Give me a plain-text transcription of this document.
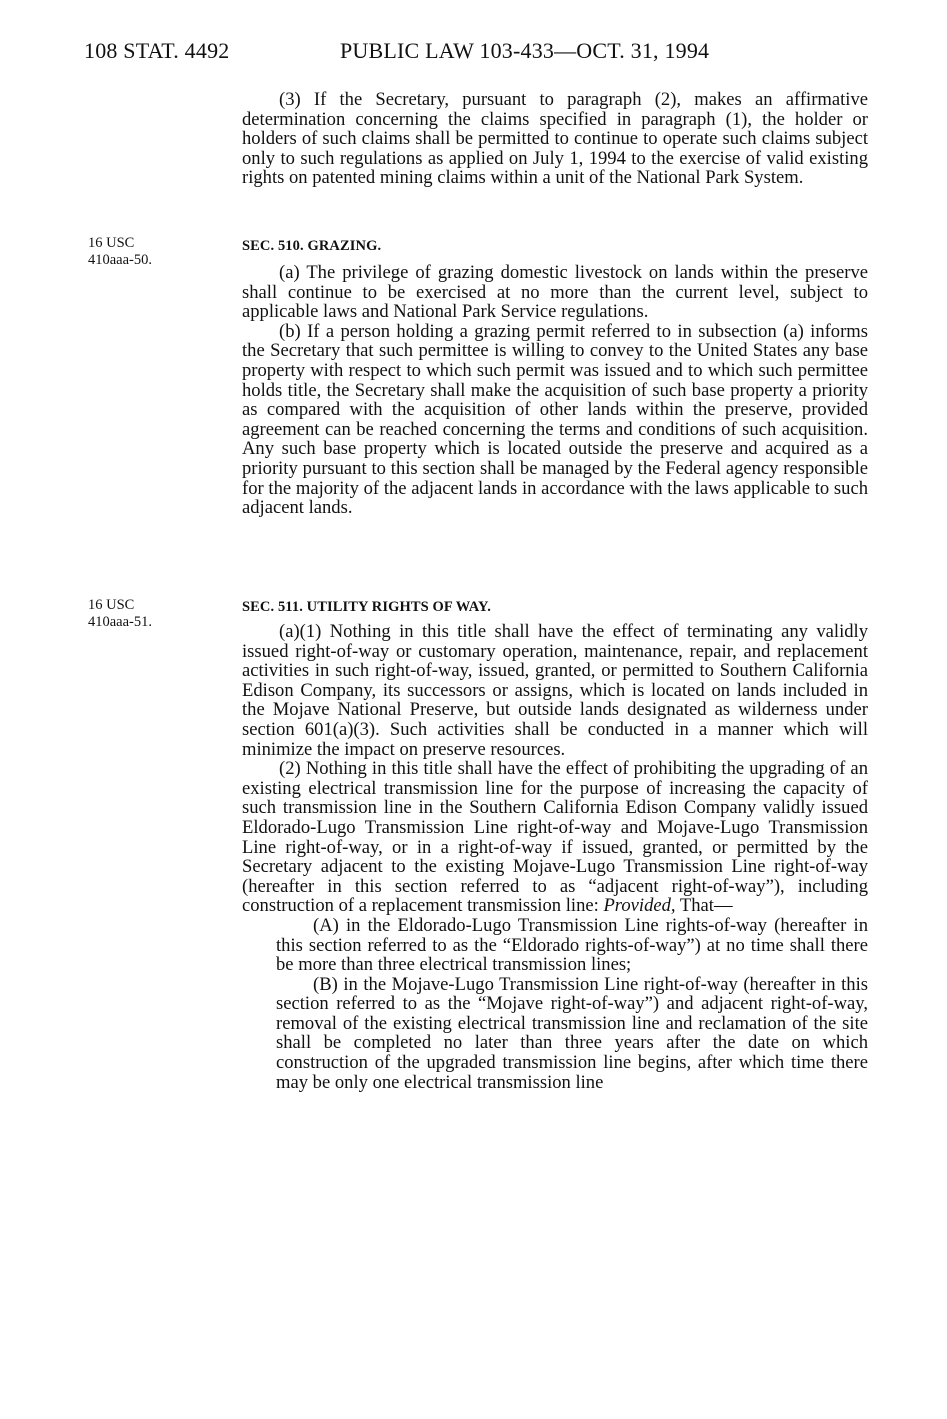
108 STAT. 4492	PUBLIC LAW 103-433—OCT. 31, 1994

(3) If the Secretary, pursuant to paragraph (2), makes an affirmative determination concerning the claims specified in paragraph (1), the holder or holders of such claims shall be permitted to continue to operate such claims subject only to such regulations as applied on July 1, 1994 to the exercise of valid existing rights on patented mining claims within a unit of the National Park System.

16 USC
410aaa-50.
SEC. 510. GRAZING.

(a) The privilege of grazing domestic livestock on lands within the preserve shall continue to be exercised at no more than the current level, subject to applicable laws and National Park Service regulations.

(b) If a person holding a grazing permit referred to in subsection (a) informs the Secretary that such permittee is willing to convey to the United States any base property with respect to which such permit was issued and to which such permittee holds title, the Secretary shall make the acquisition of such base property a priority as compared with the acquisition of other lands within the preserve, provided agreement can be reached concerning the terms and conditions of such acquisition. Any such base property which is located outside the preserve and acquired as a priority pursuant to this section shall be managed by the Federal agency responsible for the majority of the adjacent lands in accordance with the laws applicable to such adjacent lands.

16 USC
410aaa-51.
SEC. 511. UTILITY RIGHTS OF WAY.

(a)(1) Nothing in this title shall have the effect of terminating any validly issued right-of-way or customary operation, maintenance, repair, and replacement activities in such right-of-way, issued, granted, or permitted to Southern California Edison Company, its successors or assigns, which is located on lands included in the Mojave National Preserve, but outside lands designated as wilderness under section 601(a)(3). Such activities shall be conducted in a manner which will minimize the impact on preserve resources.

(2) Nothing in this title shall have the effect of prohibiting the upgrading of an existing electrical transmission line for the purpose of increasing the capacity of such transmission line in the Southern California Edison Company validly issued Eldorado-Lugo Transmission Line right-of-way and Mojave-Lugo Transmission Line right-of-way, or in a right-of-way if issued, granted, or permitted by the Secretary adjacent to the existing Mojave-Lugo Transmission Line right-of-way (hereafter in this section referred to as “adjacent right-of-way”), including construction of a replacement transmission line: Provided, That—

(A) in the Eldorado-Lugo Transmission Line rights-of-way (hereafter in this section referred to as the “Eldorado rights-of-way”) at no time shall there be more than three electrical transmission lines;

(B) in the Mojave-Lugo Transmission Line right-of-way (hereafter in this section referred to as the “Mojave right-of-way”) and adjacent right-of-way, removal of the existing electrical transmission line and reclamation of the site shall be completed no later than three years after the date on which construction of the upgraded transmission line begins, after which time there may be only one electrical transmission line
